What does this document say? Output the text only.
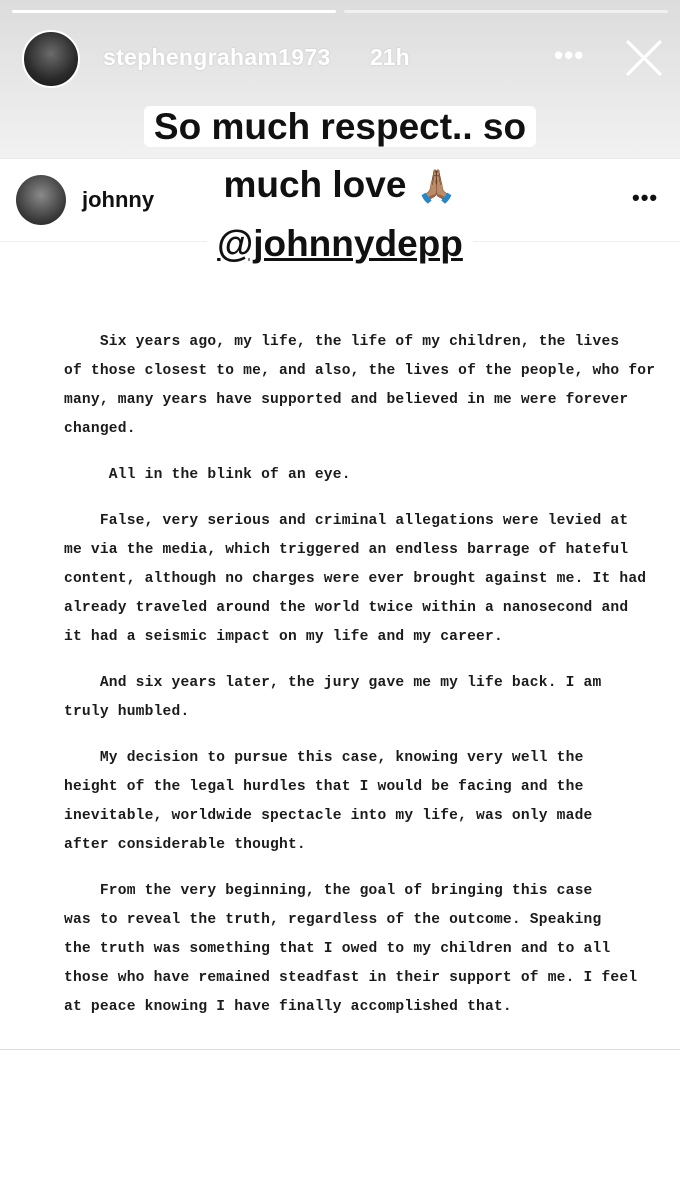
stephengraham1973 21h	•••
johnny	•••
So much respect.. so
much love 🙏🏽
@johnnydepp

Six years ago, my life, the life of my children, the lives
of those closest to me, and also, the lives of the people, who
many, many years have supported and believed in me were forever
changed.

All in the blink of an eye.

False, very serious and criminal allegations were levied at
me via the media, which triggered an endless barrage of hateful
content, although no charges were ever brought against me. It had
already traveled around the world twice within a nanosecond and
it had a seismic impact on my life and my career.

And six years later, the jury gave me my life back. I am
truly humbled.

My decision to pursue this case, knowing very well the
height of the legal hurdles that I would be facing and the
inevitable, worldwide spectacle into my life, was only made
after considerable thought.

From the very beginning, the goal of bringing this case
was to reveal the truth, regardless of the outcome. Speaking
the truth was something that I owed to my children and to all
those who have remained steadfast in their support of me. I feel
at peace knowing I have finally accomplished that.
